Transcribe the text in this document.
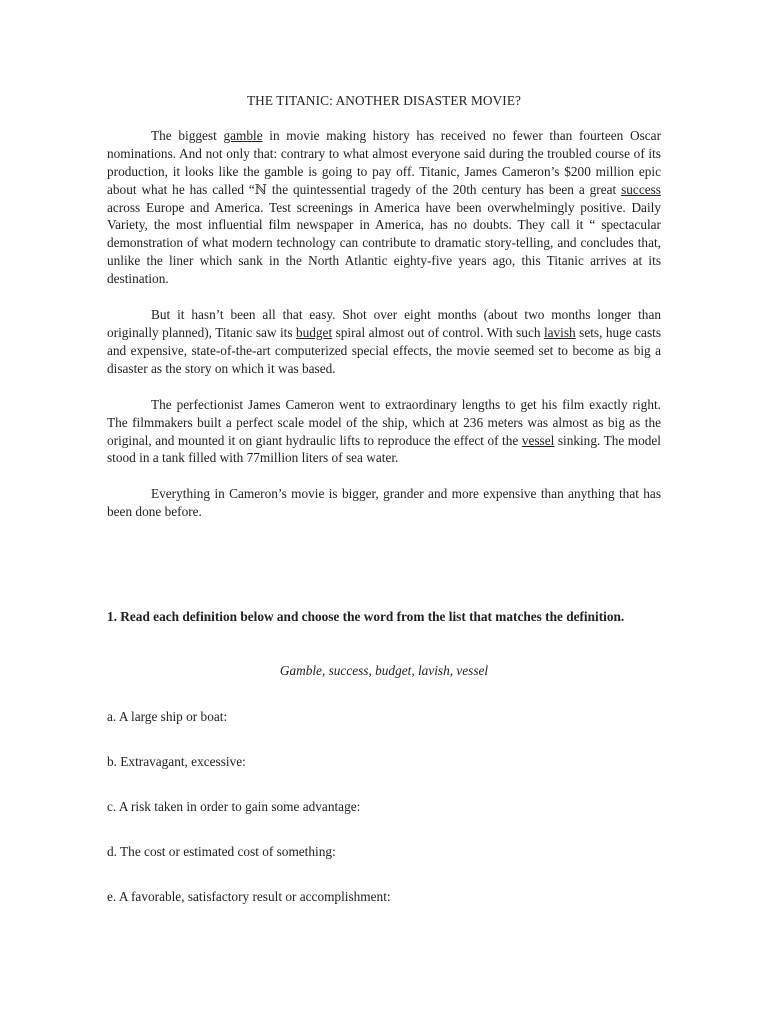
THE TITANIC: ANOTHER DISASTER MOVIE?

The biggest gamble in movie making history has received no fewer than fourteen Oscar nominations. And not only that: contrary to what almost everyone said during the troubled course of its production, it looks like the gamble is going to pay off. Titanic, James Cameron’s $200 million epic about what he has called “ℕ the quintessential tragedy of the 20th century has been a great success across Europe and America. Test screenings in America have been overwhelmingly positive. Daily Variety, the most influential film newspaper in America, has no doubts. They call it “ spectacular demonstration of what modern technology can contribute to dramatic story-telling, and concludes that, unlike the liner which sank in the North Atlantic eighty-five years ago, this Titanic arrives at its destination.

But it hasn’t been all that easy. Shot over eight months (about two months longer than originally planned), Titanic saw its budget spiral almost out of control. With such lavish sets, huge casts and expensive, state-of-the-art computerized special effects, the movie seemed set to become as big a disaster as the story on which it was based.

The perfectionist James Cameron went to extraordinary lengths to get his film exactly right. The filmmakers built a perfect scale model of the ship, which at 236 meters was almost as big as the original, and mounted it on giant hydraulic lifts to reproduce the effect of the vessel sinking. The model stood in a tank filled with 77million liters of sea water.

Everything in Cameron’s movie is bigger, grander and more expensive than anything that has been done before.

1. Read each definition below and choose the word from the list that matches the definition.

Gamble, success, budget, lavish, vessel
a. A large ship or boat:
b. Extravagant, excessive:
c. A risk taken in order to gain some advantage:
d. The cost or estimated cost of something:
e. A favorable, satisfactory result or accomplishment:
